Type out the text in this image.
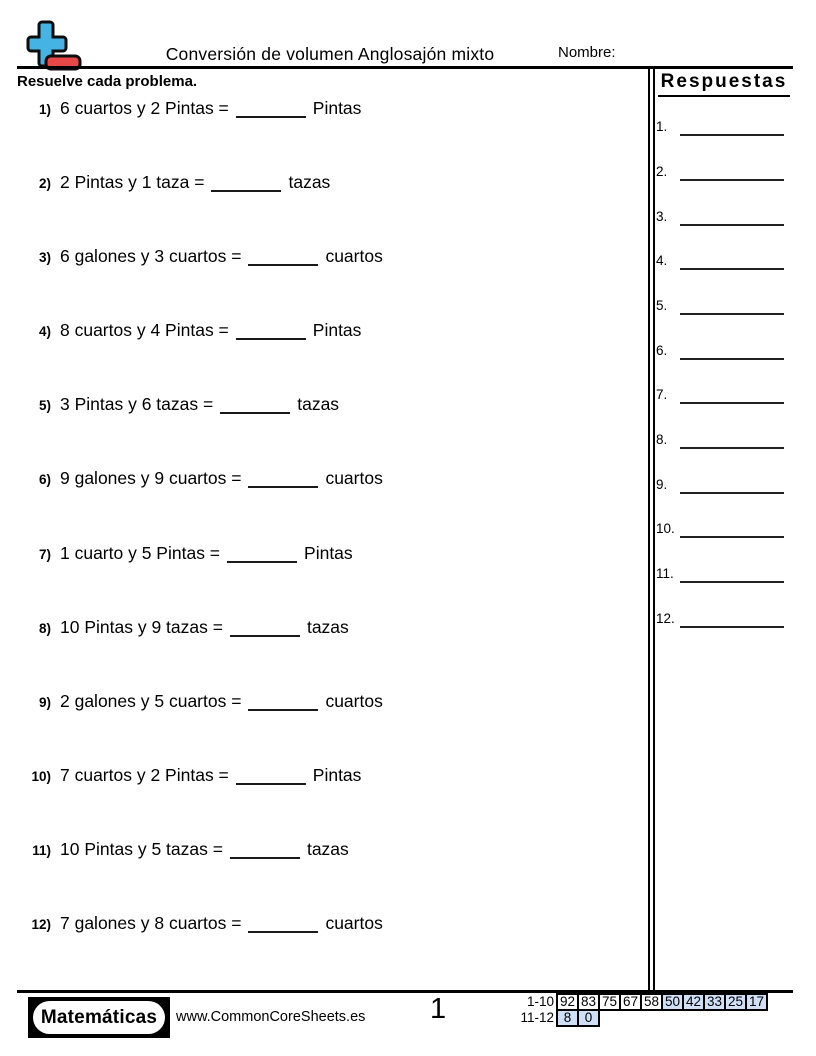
Conversión de volumen Anglosajón mixto	Nombre:
Resuelve cada problema.
1) 6 cuartos y 2 Pintas =	Pintas
2) 2 Pintas y 1 taza =	tazas
3) 6 galones y 3 cuartos =	cuartos
4) 8 cuartos y 4 Pintas =	Pintas
5) 3 Pintas y 6 tazas =	tazas
6) 9 galones y 9 cuartos =	cuartos
7) 1 cuarto y 5 Pintas =	Pintas
8) 10 Pintas y 9 tazas =	tazas
9) 2 galones y 5 cuartos =	cuartos
10) 7 cuartos y 2 Pintas =	Pintas
11) 10 Pintas y 5 tazas =	tazas
12) 7 galones y 8 cuartos =	cuartos
Respuestas
1.
2.
3.
4.
5.
6.
7.
8.
9.
10.
11.
12.
Matemáticas	www.CommonCoreSheets.es 1	1-10 92 83 75 67 58 50 42 33 25 17
11-12 8 0
